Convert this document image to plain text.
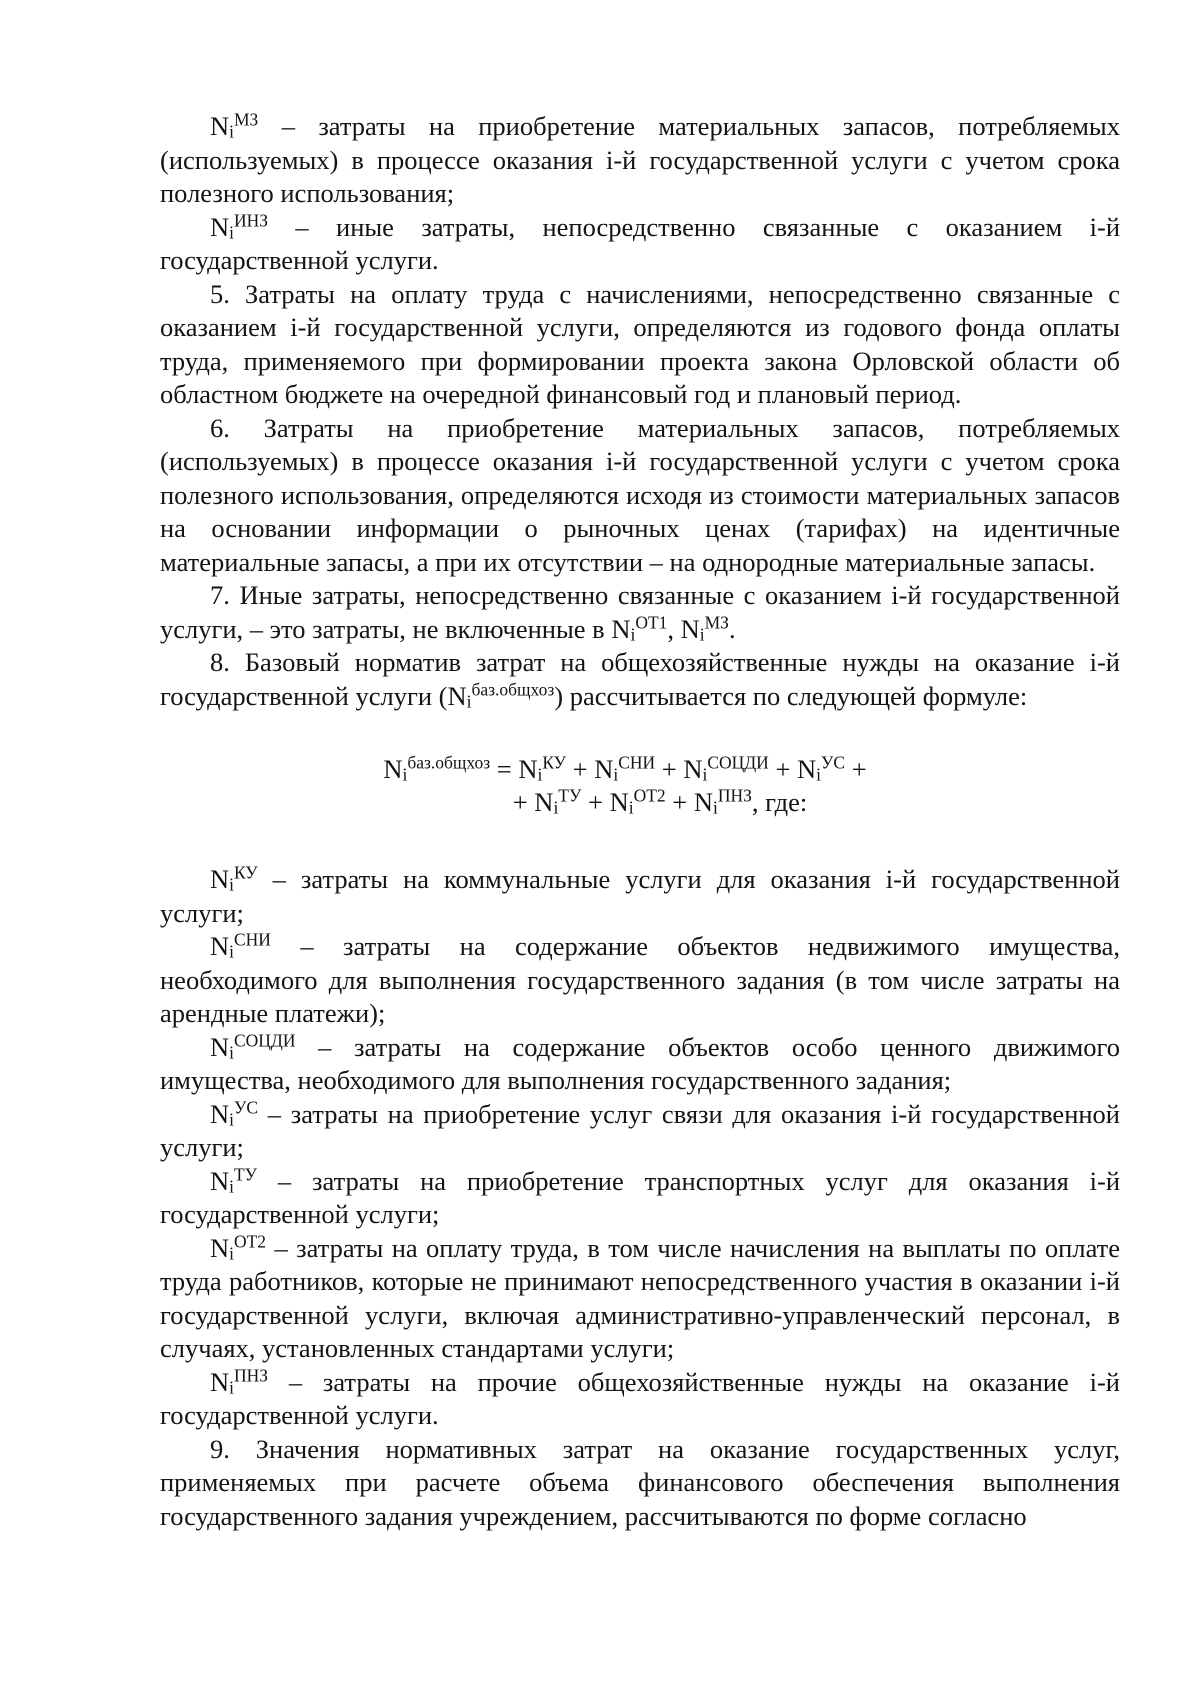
$N_i^{МЗ}$ – затраты на приобретение материальных запасов, потребляемых (используемых) в процессе оказания i-й государственной услуги с учетом срока полезного использования;

$N_i^{ИНЗ}$ – иные затраты, непосредственно связанные с оказанием i-й государственной услуги.

5. Затраты на оплату труда с начислениями, непосредственно связанные с оказанием i-й государственной услуги, определяются из годового фонда оплаты труда, применяемого при формировании проекта закона Орловской области об областном бюджете на очередной финансовый год и плановый период.

6. Затраты на приобретение материальных запасов, потребляемых (используемых) в процессе оказания i-й государственной услуги с учетом срока полезного использования, определяются исходя из стоимости материальных запасов на основании информации о рыночных ценах (тарифах) на идентичные материальные запасы, а при их отсутствии – на однородные материальные запасы.

7. Иные затраты, непосредственно связанные с оказанием i-й государственной услуги, – это затраты, не включенные в $N_i^{ОТ1}$, $N_i^{МЗ}$.

8. Базовый норматив затрат на общехозяйственные нужды на оказание i-й государственной услуги $(N_i^{баз.общхоз})$ рассчитывается по следующей формуле:

$N_i^{баз.общхоз} = N_i^{КУ} + N_i^{СНИ} + N_i^{СОЦДИ} + N_i^{УС}$ +
+ $N_i^{ТУ} + N_i^{ОТ2} + N_i^{ПНЗ}$, где:

$N_i^{КУ}$ – затраты на коммунальные услуги для оказания i-й государственной услуги;

$N_i^{СНИ}$ – затраты на содержание объектов недвижимого имущества, необходимого для выполнения государственного задания (в том числе затраты на арендные платежи);

$N_i^{СОЦДИ}$ – затраты на содержание объектов особо ценного движимого имущества, необходимого для выполнения государственного задания;

$N_i^{УС}$ – затраты на приобретение услуг связи для оказания i-й государственной услуги;

$N_i^{ТУ}$ – затраты на приобретение транспортных услуг для оказания i-й государственной услуги;

$N_i^{ОТ2}$ – затраты на оплату труда, в том числе начисления на выплаты по оплате труда работников, которые не принимают непосредственного участия в оказании i-й государственной услуги, включая административно-управленческий персонал, в случаях, установленных стандартами услуги;

$N_i^{ПНЗ}$ – затраты на прочие общехозяйственные нужды на оказание i-й государственной услуги.

9. Значения нормативных затрат на оказание государственных услуг, применяемых при расчете объема финансового обеспечения выполнения государственного задания учреждением, рассчитываются по форме согласно
